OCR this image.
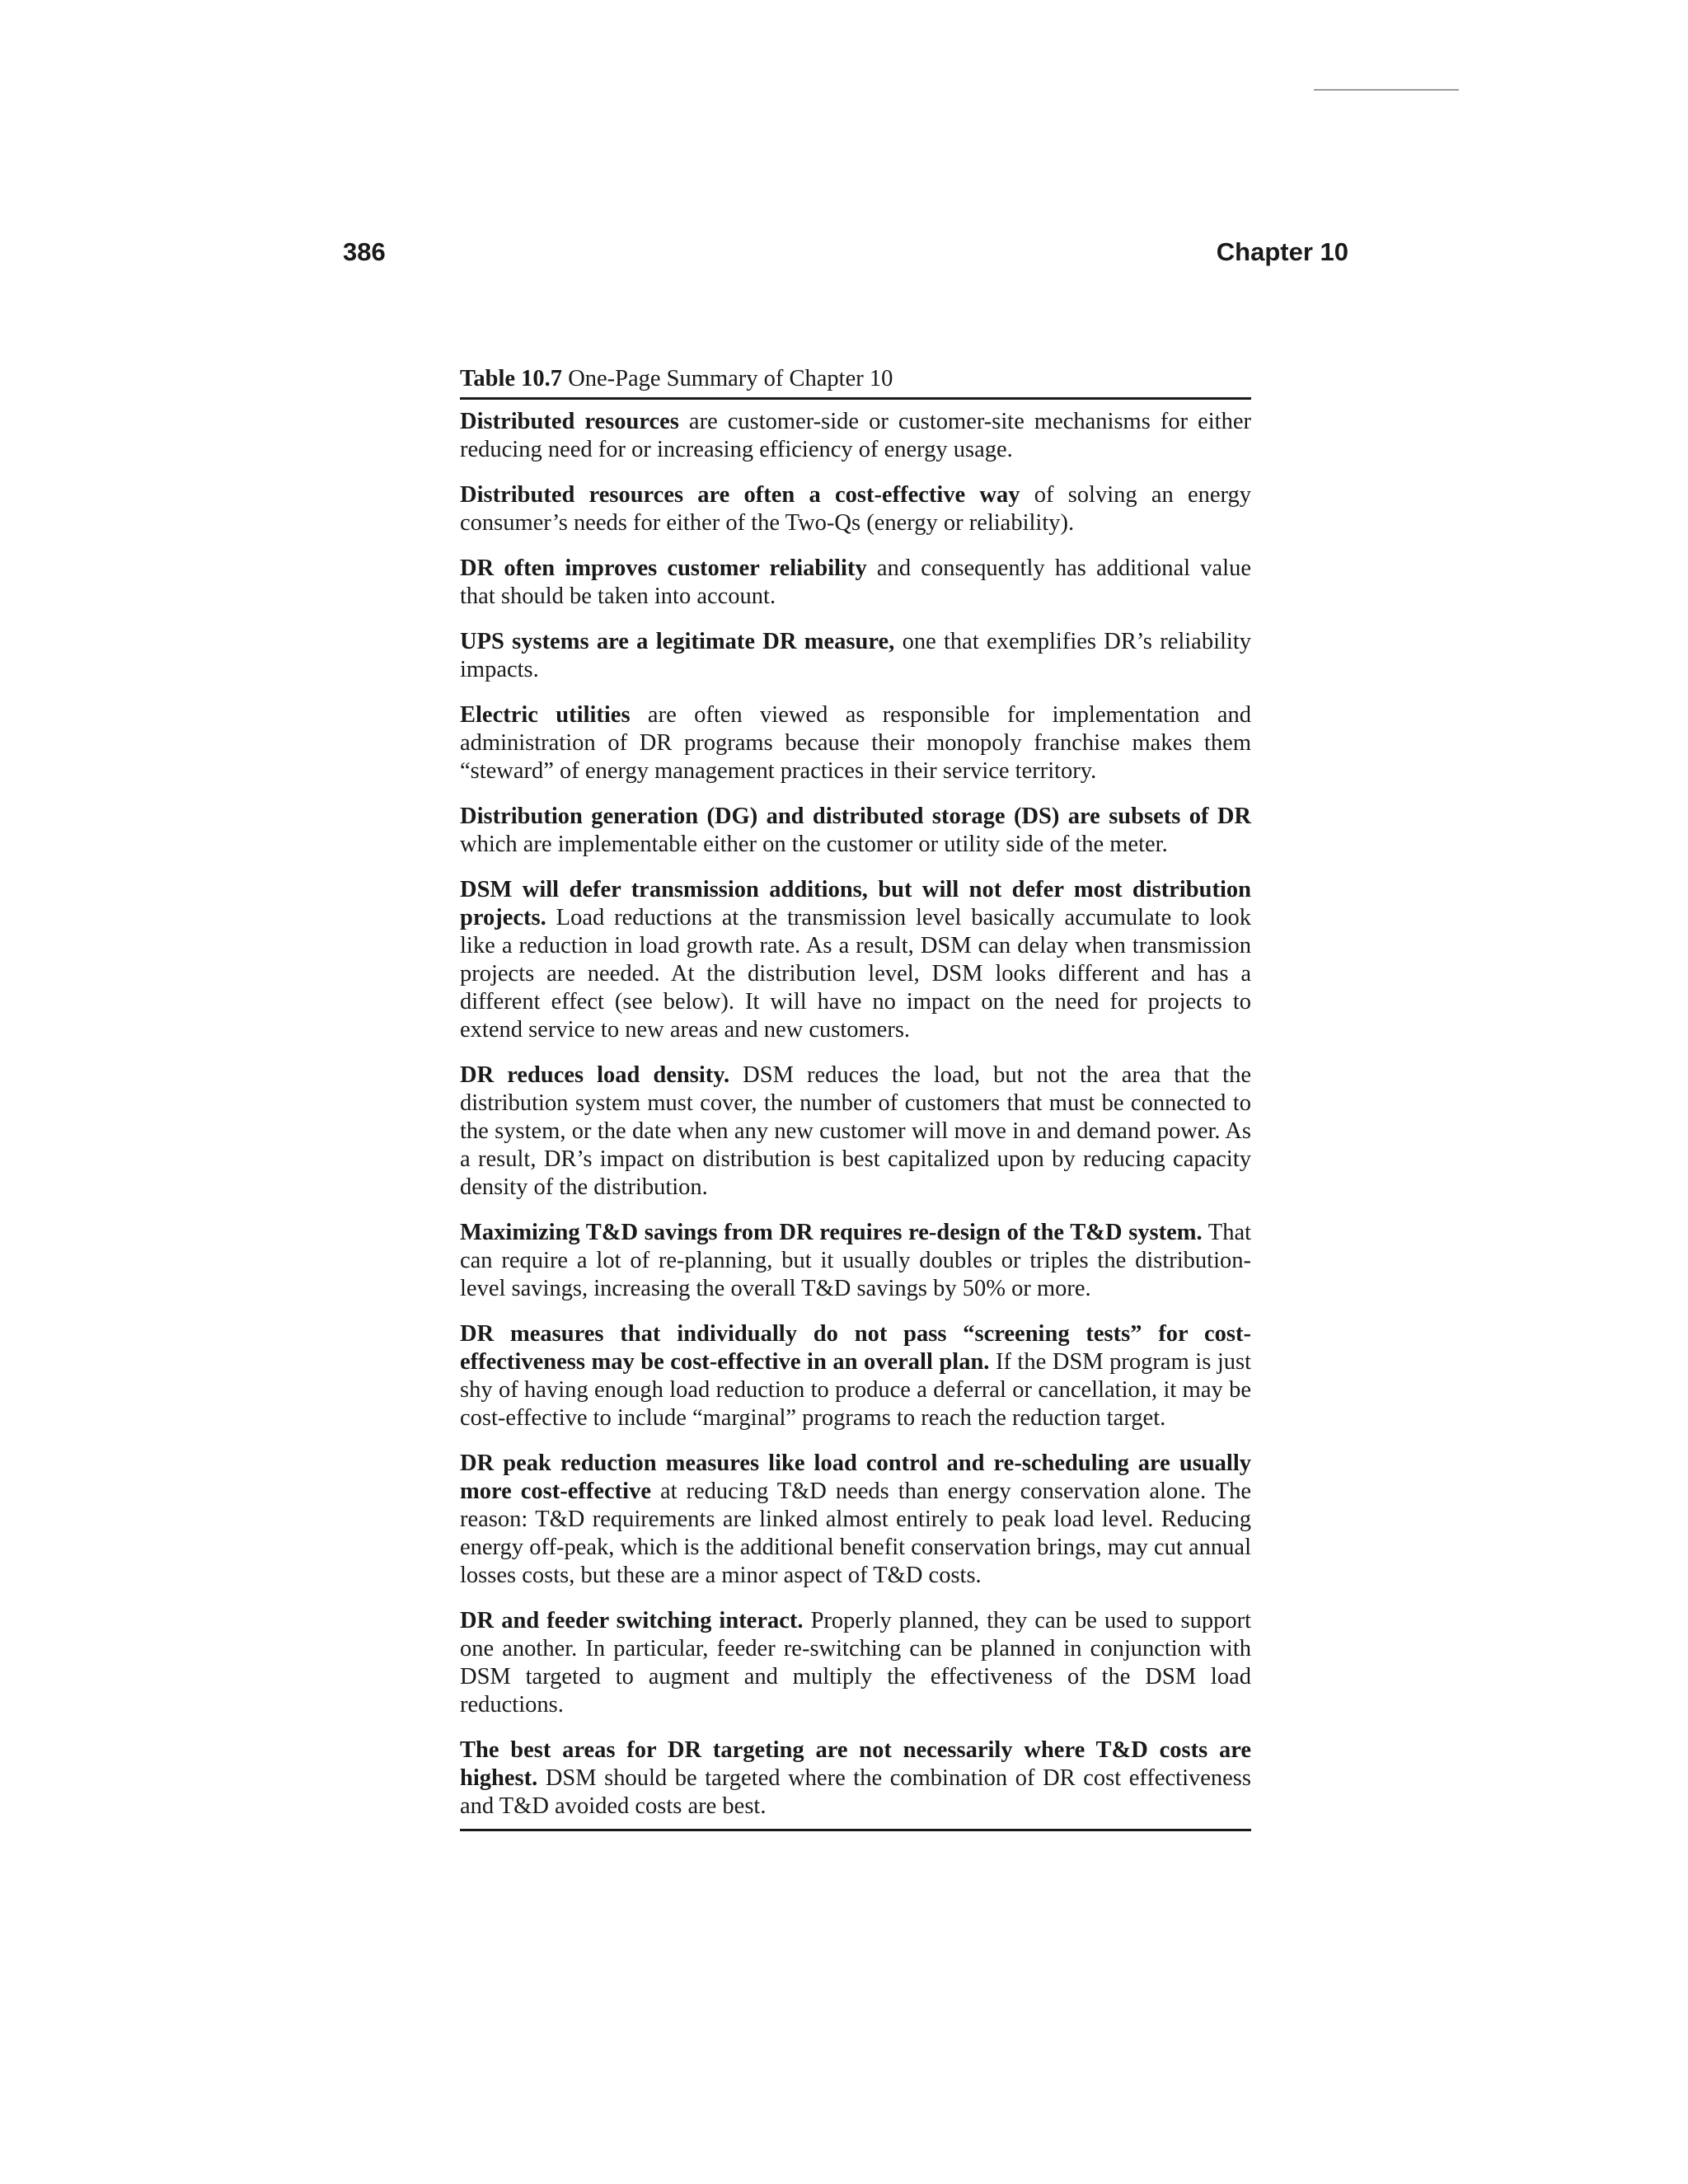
386	Chapter 10
Table 10.7 One-Page Summary of Chapter 10

Distributed resources are customer-side or customer-site mechanisms for either reducing need for or increasing efficiency of energy usage.

Distributed resources are often a cost-effective way of solving an energy consumer’s needs for either of the Two-Qs (energy or reliability).

DR often improves customer reliability and consequently has additional value that should be taken into account.

UPS systems are a legitimate DR measure, one that exemplifies DR’s reliability impacts.

Electric utilities are often viewed as responsible for implementation and administration of DR programs because their monopoly franchise makes them “steward” of energy management practices in their service territory.

Distribution generation (DG) and distributed storage (DS) are subsets of DR which are implementable either on the customer or utility side of the meter.

DSM will defer transmission additions, but will not defer most distribution projects. Load reductions at the transmission level basically accumulate to look like a reduction in load growth rate. As a result, DSM can delay when transmission projects are needed. At the distribution level, DSM looks different and has a different effect (see below). It will have no impact on the need for projects to extend service to new areas and new customers.

DR reduces load density. DSM reduces the load, but not the area that the distribution system must cover, the number of customers that must be connected to the system, or the date when any new customer will move in and demand power. As a result, DR’s impact on distribution is best capitalized upon by reducing capacity density of the distribution.

Maximizing T&D savings from DR requires re-design of the T&D system. That can require a lot of re-planning, but it usually doubles or triples the distribution-level savings, increasing the overall T&D savings by 50% or more.

DR measures that individually do not pass “screening tests” for cost-effectiveness may be cost-effective in an overall plan. If the DSM program is just shy of having enough load reduction to produce a deferral or cancellation, it may be cost-effective to include “marginal” programs to reach the reduction target.

DR peak reduction measures like load control and re-scheduling are usually more cost-effective at reducing T&D needs than energy conservation alone. The reason: T&D requirements are linked almost entirely to peak load level. Reducing energy off-peak, which is the additional benefit conservation brings, may cut annual losses costs, but these are a minor aspect of T&D costs.

DR and feeder switching interact. Properly planned, they can be used to support one another. In particular, feeder re-switching can be planned in conjunction with DSM targeted to augment and multiply the effectiveness of the DSM load reductions.

The best areas for DR targeting are not necessarily where T&D costs are highest. DSM should be targeted where the combination of DR cost effectiveness and T&D avoided costs are best.
